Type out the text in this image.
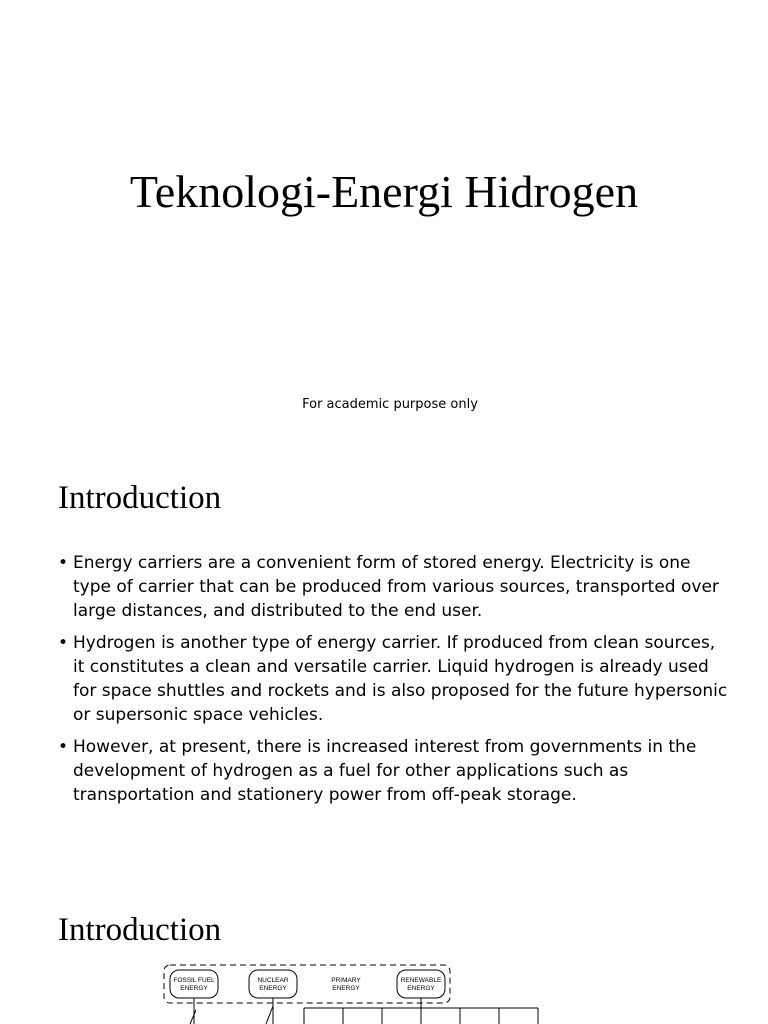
Teknologi-Energi Hidrogen

For academic purpose only

Introduction
• Energy carriers are a convenient form of stored energy. Electricity is one type of carrier that can be produced from various sources, transported over large distances, and distributed to the end user.
• Hydrogen is another type of energy carrier. If produced from clean sources, it constitutes a clean and versatile carrier. Liquid hydrogen is already used for space shuttles and rockets and is also proposed for the future hypersonic or supersonic space vehicles.
• However, at present, there is increased interest from governments in the development of hydrogen as a fuel for other applications such as transportation and stationery power from off-peak storage.
Introduction
FOSSIL FUEL
ENERGY
NUCLEAR
ENERGY
PRIMARY
ENERGY
RENEWABLE
ENERGY
